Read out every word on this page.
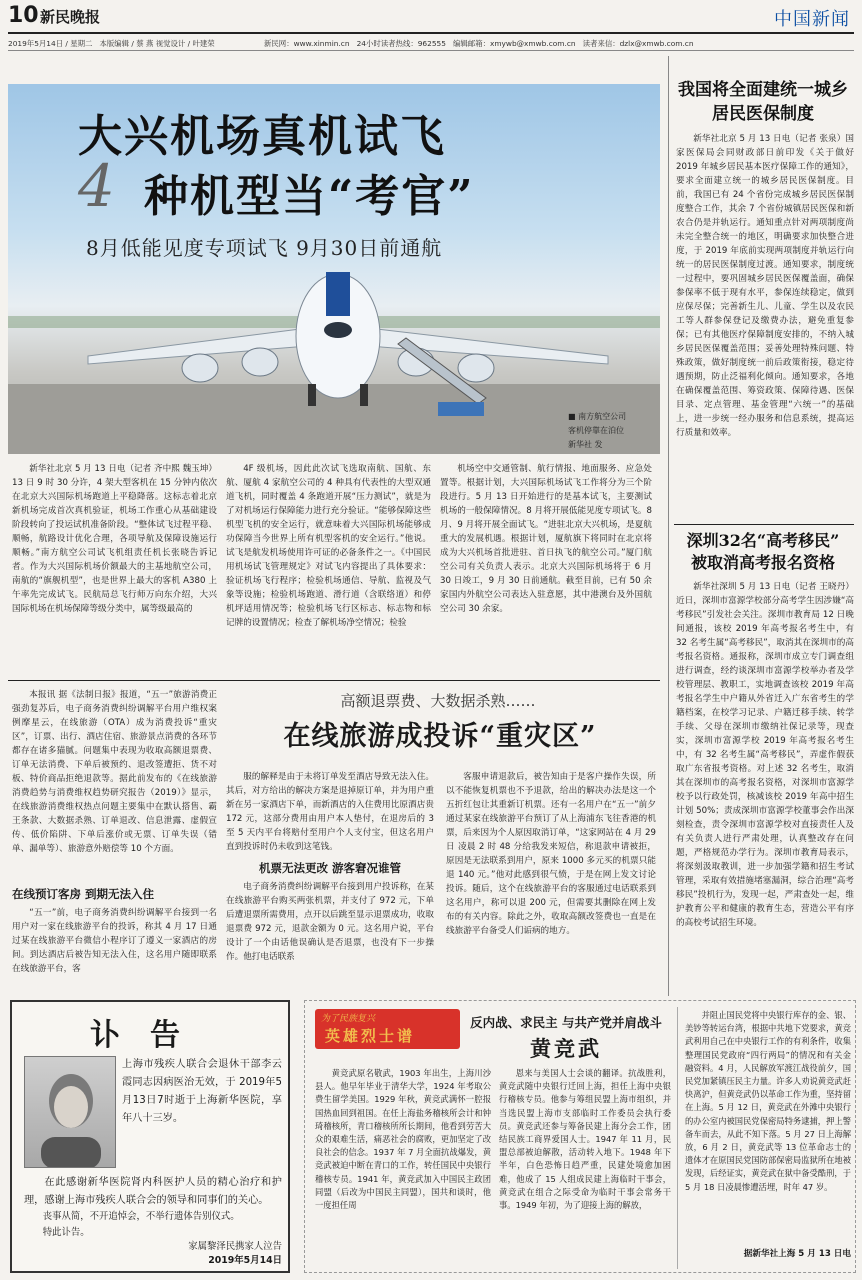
10 新民晚报	中国新闻
2019年5月14日 / 星期二 本版编辑 / 蔡 燕 视觉设计 / 叶建荣	新民网：www.xinmin.cn 24小时读者热线：962555 编辑邮箱：xmywb@xmwb.com.cn 读者来信：dzlx@xmwb.com.cn
大兴机场真机试飞
4 种机型当“考官”
8月低能见度专项试飞 9月30日前通航
■ 南方航空公司
客机停靠在泊位
新华社 发

新华社北京 5 月 13 日电（记者 齐中熙 魏玉坤）13 日 9 时 30 分许，4 架大型客机在 15 分钟内依次在北京大兴国际机场跑道上平稳降落。这标志着北京新机场完成首次真机验证，机场工作重心从基础建设阶段转向了投运试机准备阶段。“整体试飞过程平稳、顺畅，航路设计优化合理，各项导航及保障设施运行顺畅。”南方航空公司试飞机组责任机长张晓告诉记者。作为大兴国际机场价额最大的主基地航空公司，南航的“旗舰机型”，也是世界上最大的客机 A380 上午率先完成试飞。民航局总飞行师万向东介绍，大兴国际机场在机场保障等级分类中，属等级最高的

4F 级机场，因此此次试飞选取南航、国航、东航、厦航 4 家航空公司的 4 种具有代表性的大型双通道飞机，同时覆盖 4 条跑道开展“压力测试”，就是为了对机场运行保障能力进行充分验证。“能够保障这些机型飞机的安全运行，就意味着大兴国际机场能够成功保障当今世界上所有机型客机的安全运行。”他说。试飞是航发机场使用许可证的必备条件之一。《中国民用机场试飞管理规定》对试飞内容提出了具体要求：验证机场飞行程序；检验机场通信、导航、监视及气象等设施；检验机场跑道、滑行道（含联络道）和停机坪适用情况等；检验机场飞行区标志、标志物和标记牌的设置情况；检查了解机场净空情况；检验

机场空中交通管制、航行情报、地面服务、应急处置等。根据计划，大兴国际机场试飞工作将分为三个阶段进行。5 月 13 日开始进行的是基本试飞，主要测试机场的一般保障情况。8 月将开展低能见度专项试飞。8 月、9 月将开展全面试飞。“进驻北京大兴机场，是夏航重大的发展机遇。根据计划，厦航旗下将同时在北京将成为大兴机场首批进驻、首日执飞的航空公司。”厦门航空公司有关负责人表示。北京大兴国际机场将于 6 月 30 日竣工，9 月 30 日前通航。截至目前，已有 50 余家国内外航空公司表达入驻意愿，其中港澳台及外国航空公司 30 余家。

我国将全面建统一城乡居民医保制度

新华社北京 5 月 13 日电（记者 张泉）国家医保局会同财政部日前印发《关于做好 2019 年城乡居民基本医疗保障工作的通知》，要求全面建立统一的城乡居民医保制度。目前，我国已有 24 个省份完成城乡居民医保制度整合工作，其余 7 个省份城镇居民医保和新农合仍是并轨运行。通知重点针对两项制度尚未完全整合统一的地区，明确要求加快整合进度，于 2019 年底前实现两项制度并轨运行向统一的居民医保制度过渡。通知要求，制度统一过程中，要巩固城乡居民医保覆盖面，确保参保率不低于现有水平，参保连续稳定，做到应保尽保；完善新生儿、儿童、学生以及农民工等人群参保登记及缴费办法，避免重复参保；已有其他医疗保障制度安排的，不纳入城乡居民医保覆盖范围；妥善处理特殊问题、特殊政策，做好制度统一前后政策衔接，稳定待遇预期，防止泛福利化倾向。通知要求，各地在确保覆盖范围、筹资政策、保障待遇、医保目录、定点管理、基金管理“六统一”的基础上，进一步统一经办服务和信息系统，提高运行质量和效率。

深圳32名“高考移民”
被取消高考报名资格

新华社深圳 5 月 13 日电（记者 王晓丹）近日，深圳市富源学校部分高考学生因涉嫌“高考移民”引发社会关注。深圳市教育局 12 日晚间通报，该校 2019 年高考报名考生中，有 32 名考生属“高考移民”，取消其在深圳市的高考报名资格。通报称，深圳市成立专门调查组进行调查，经约谈深圳市富源学校举办者及学校管理层、教职工，实地调查该校 2019 年高考报名学生中户籍从外省迁入广东省考生的学籍档案，在校学习记录、户籍迁移手续、转学手续、父母在深圳市缴纳社保记录等，现查实，深圳市富源学校 2019 年高考报名考生中，有 32 名考生属“高考移民”，弄虚作假获取广东省报考资格。对上述 32 名考生，取消其在深圳市的高考报名资格，对深圳市富源学校予以行政处罚，核减该校 2019 年高中招生计划 50%；责成深圳市富源学校董事会作出深刻检查，责令深圳市富源学校对直接责任人及有关负责人进行严肃处理，认真整改存在问题，严格规范办学行为。深圳市教育局表示，将深刻汲取教训，进一步加强学籍和招生考试管理，采取有效措施堵塞漏洞，综合治理“高考移民”投机行为，发现一起，严肃查处一起，维护教育公平和健康的教育生态，营造公平有序的高校考试招生环境。

本报讯 据《法制日报》报道，“五一”旅游消费正强劲复苏后，电子商务消费纠纷调解平台用户维权案例摩星云，在线旅游（OTA）成为消费投诉“重灾区”，订票、出行、酒店住宿、旅游景点消费的各环节都存在诸多猫腻。问题集中表现为收取高额退票费、订单无法消费、下单后被预约、退改签遭拒、货不对板、特价商品拒绝退款等。据此前发布的《在线旅游消费趋势与消费维权趋势研究报告（2019）》显示，在线旅游消费维权热点问题主要集中在默认搭售、霸王条款、大数据杀熟、订单退改、信息泄露、虚假宣传、低价陷阱、下单后涨价或无票、订单失误（错单、漏单等）、旅游意外赔偿等 10 个方面。

在线预订客房 到期无法入住

“五一”前，电子商务消费纠纷调解平台接到一名用户对一家在线旅游平台的投诉，称其 4 月 17 日通过某在线旅游平台微信小程序订了遵义一家酒店的房间。到达酒店后被告知无法入住，这名用户随即联系在线旅游平台，客

高额退票费、大数据杀熟……
在线旅游成投诉“重灾区”

服的解释是由于未将订单发至酒店导致无法入住。其后，对方给出的解决方案是退掉原订单，并为用户重新在另一家酒店下单，而新酒店的入住费用比原酒店贵 172 元，这部分费用由用户本人垫付，在退房后的 3 至 5 天内平台将赔付至用户个人支付宝，但这名用户直到投诉时仍未收到这笔钱。

机票无法更改 游客窘况谁管

电子商务消费纠纷调解平台接到用户投诉称，在某在线旅游平台购买两张机票，并支付了 972 元，下单后遭退票所需费用，点开以后跳至显示退票成功，收取退票费 972 元，退款金额为 0 元。这名用户说，平台设计了一个由话他误确认是否退票，也没有下一步操作。他打电话联系

客服申请退款后，被告知由于是客户操作失误，所以不能恢复机票也不予退款，给出的解决办法是这一个五折红包让其重新订机票。还有一名用户在“五一”前夕通过某家在线旅游平台预订了从上海浦东飞往香港的机票，后来因为个人原因取消订单，“这家网站在 4 月 29 日 凌晨 2 时 48 分给我发来短信，称退款申请被拒，原因是无法联系到用户，原来 1000 多元买的机票只能退 140 元。”他对此感到很气愤，于是在网上发文讨论投诉。随后，这个在线旅游平台的客服通过电话联系到这名用户，称可以退 200 元，但需要其删除在网上发布的有关内容。除此之外，收取高额改签费也一直是在线旅游平台备受人们诟病的地方。

讣告
上海市残疾人联合会退休干部李云霞同志因病医治无效，于 2019年5月13日7时逝于上海新华医院，享年八十三岁。
在此感谢新华医院肾内科医护人员的精心治疗和护理，感谢上海市残疾人联合会的领导和同事们的关心。
丧事从简，不开追悼会，不举行遗体告别仪式。
特此讣告。
家属黎泽民携家人泣告
2019年5月14日
为了民族复兴
英雄烈士谱
反内战、求民主 与共产党并肩战斗
黄竞武

黄竞武原名敬武，1903 年出生，上海川沙县人。他早年毕业于清华大学，1924 年考取公费生留学美国。1929 年秋，黄竞武满怀一腔报国热血回到祖国。在任上海盐务稽核所会计和钟琦稽核所，青口稽核所所长期间，他看到劳苦大众的艰难生活，痛恶社会的腐败，更加坚定了改良社会的信念。1937 年 7 月全面抗战爆发，黄竞武被迫中断在青口的工作，转任国民中央银行稽核专员。1941 年，黄竞武加入中国民主政团同盟（后改为中国民主同盟），国共和谈时，他一度担任周

恩来与美国人士会谈的翻译。抗战胜利，黄竞武随中央银行迁回上海，担任上海中央银行稽核专员。他参与筹组民盟上海市组织，并当选民盟上海市支部临时工作委员会执行委员。黄竞武还参与筹备民建上海分会工作，团结民族工商界爱国人士。1947 年 11 月，民盟总部被迫解散，活动转入地下。1948 年下半年，白色恐怖日趋严重，民建处境愈加困难，他成了 15 人组成民建上海临时干事会，黄竞武在组合之际受命为临时干事会常务干事。1949 年初，为了迎接上海的解放，

并阻止国民党将中央银行库存的金、银、美钞等转运台湾，根据中共地下党要求，黄竞武利用自己在中央银行工作的有利条件，收集整理国民党政府“四行两局”的情况和有关金融资料。4 月，人民解放军渡江战役前夕，国民党加紧镇压民主力量。许多人劝说黄竞武赶快离沪，但黄竞武仍以革命工作为重，坚持留在上海。5 月 12 日，黄竞武在外滩中央银行的办公室内被国民党保密局特务逮捕，押上警备车而去，从此不知下落。5 月 27 日上海解放，6 月 2 日，黄竞武等 13 位革命志士的遗体才在原国民党国防部保密局监狱所在地被发现，后经证实，黄竞武在狱中备受酷刑，于 5 月 18 日凌晨惨遭活埋，时年 47 岁。

据新华社上海 5 月 13 日电
